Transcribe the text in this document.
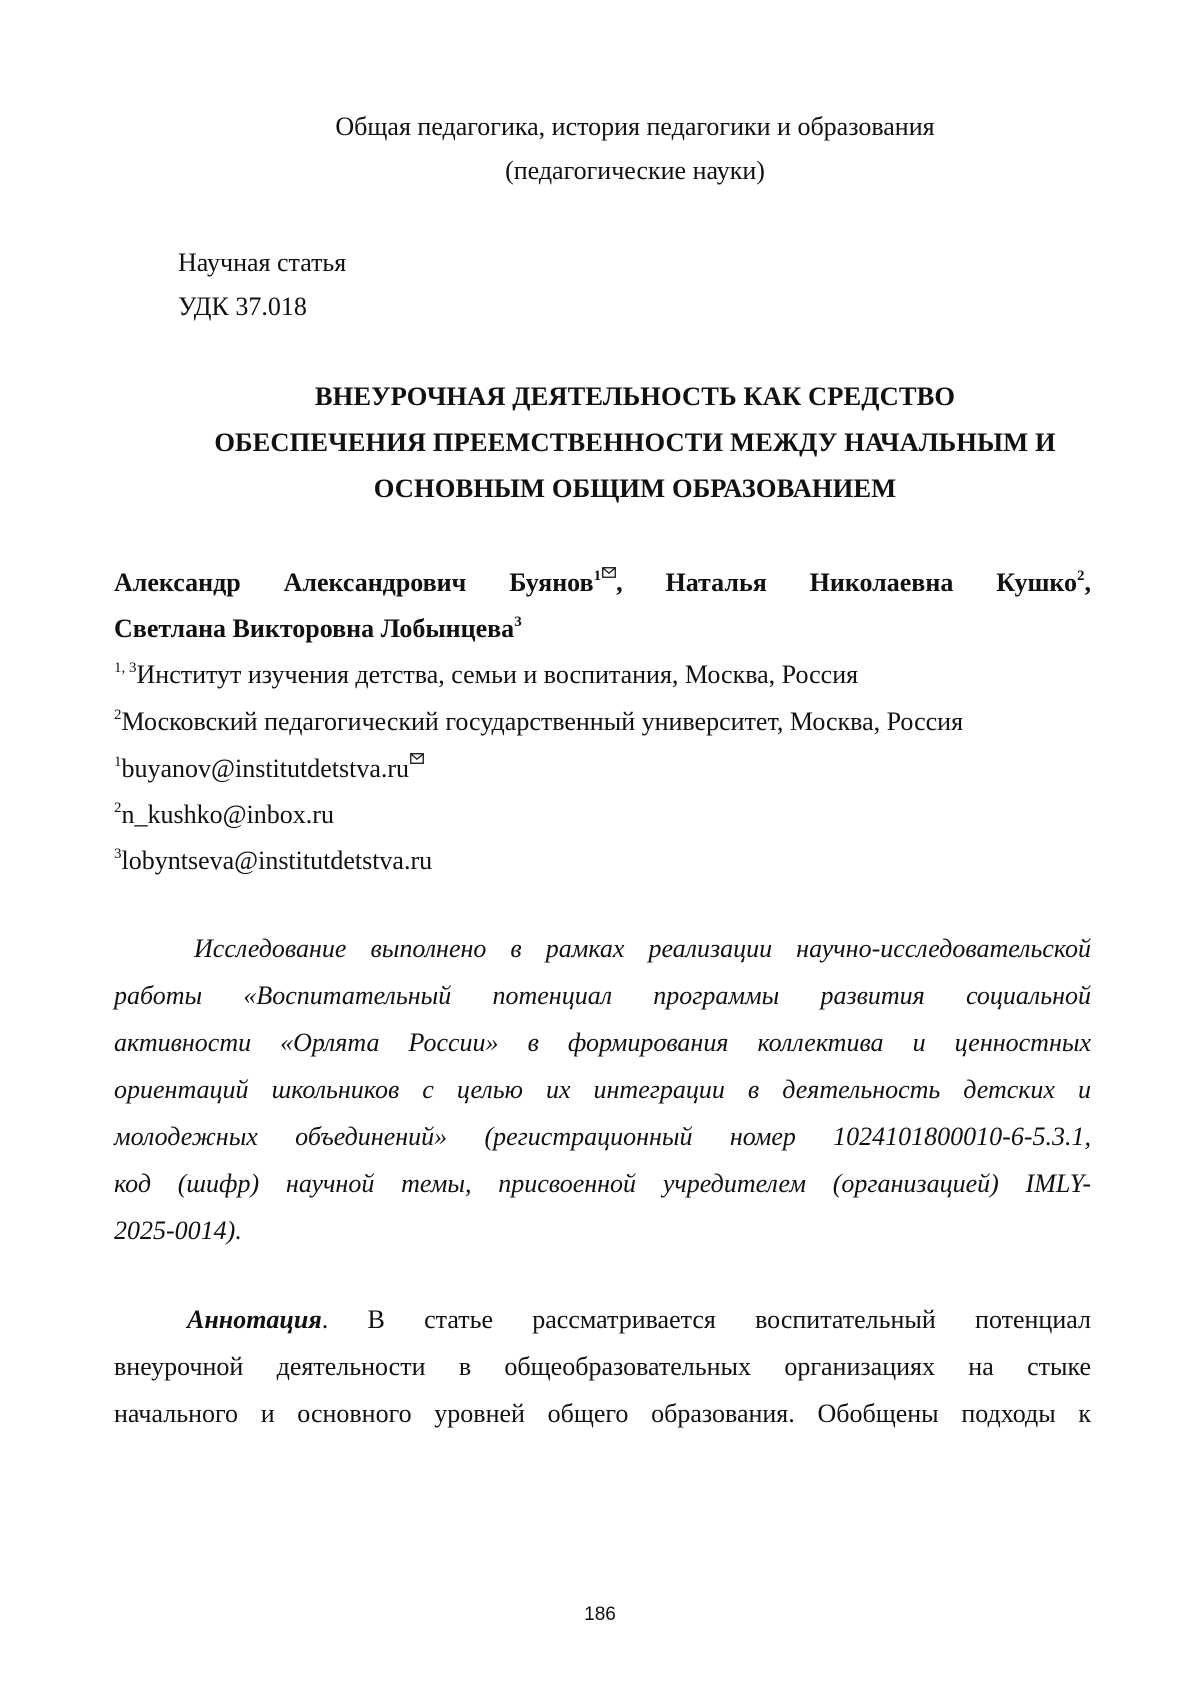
Общая педагогика, история педагогики и образования
(педагогические науки)
Научная статья
УДК 37.018
ВНЕУРОЧНАЯ ДЕЯТЕЛЬНОСТЬ КАК СРЕДСТВО
ОБЕСПЕЧЕНИЯ ПРЕЕМСТВЕННОСТИ МЕЖДУ НАЧАЛЬНЫМ И
ОСНОВНЫМ ОБЩИМ ОБРАЗОВАНИЕМ
Александр Александрович Буянов$^1$ , Наталья Николаевна Кушко$^2$,
Светлана Викторовна Лобынцева$^3$
$^{1, 3}$Институт изучения детства, семьи и воспитания, Москва, Россия
$^2$Московский педагогический государственный университет, Москва, Россия
$^1$buyanov@institutdetstva.ru
$^2$n_kushko@inbox.ru
$^3$lobyntseva@institutdetstva.ru
Исследование выполнено в рамках реализации научно-исследовательской
работы «Воспитательный потенциал программы развития социальной
активности «Орлята России» в формирования коллектива и ценностных
ориентаций школьников с целью их интеграции в деятельность детских и
молодежных объединений» (регистрационный номер 1024101800010-6-5.3.1,
код (шифр) научной темы, присвоенной учредителем (организацией) IMLY-
2025-0014).
Аннотация. В статье рассматривается воспитательный потенциал
внеурочной деятельности в общеобразовательных организациях на стыке
начального и основного уровней общего образования. Обобщены подходы к
186
